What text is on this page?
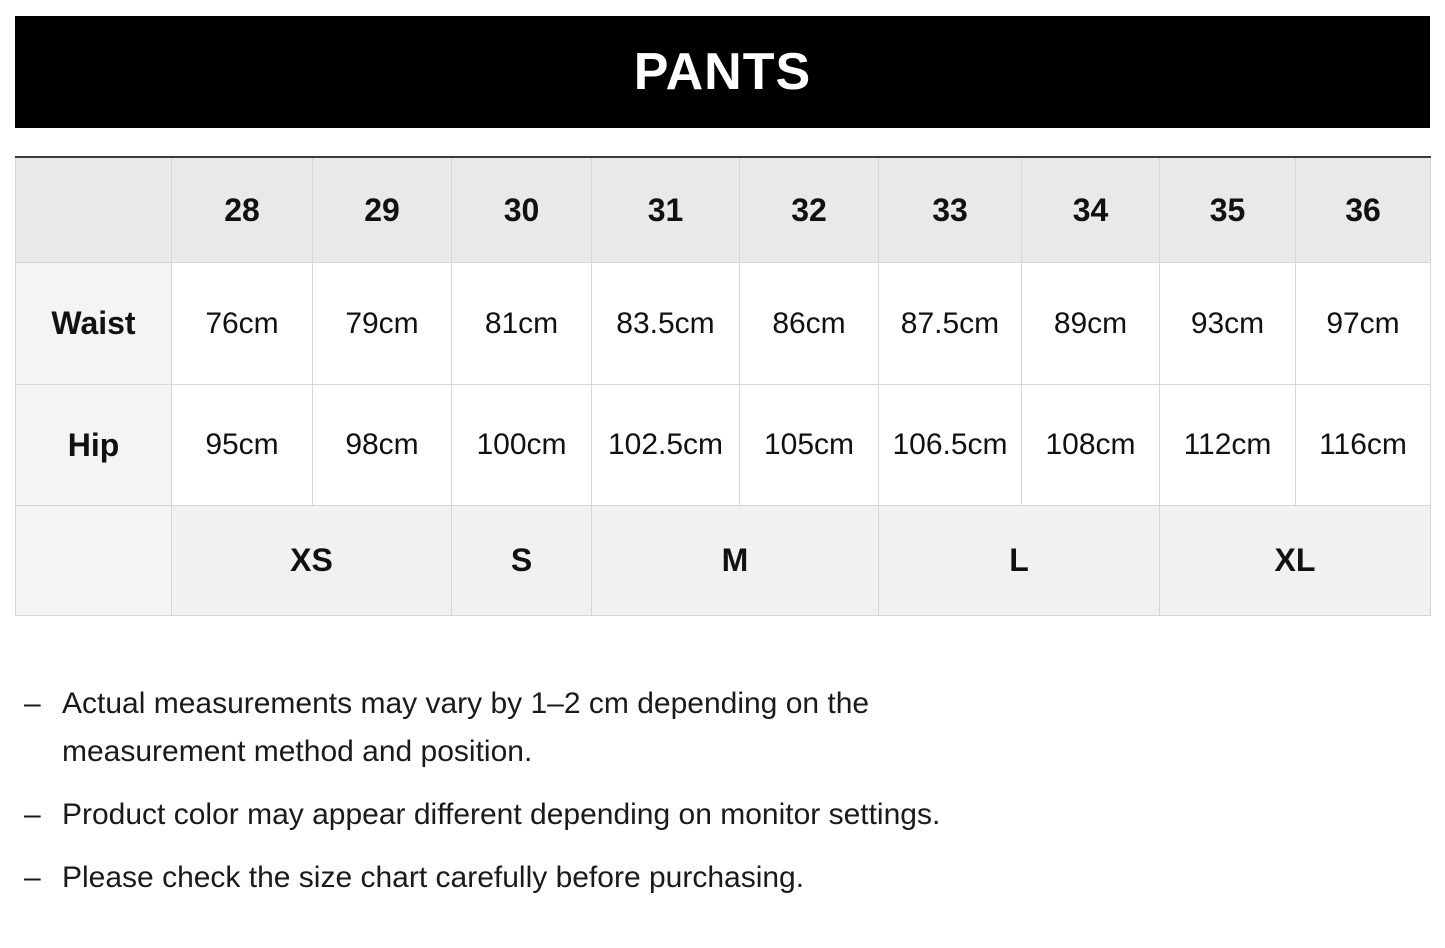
PANTS
	28	29	30	31	32	33	34	35	36
Waist	76cm	79cm	81cm	83.5cm	86cm	87.5cm	89cm	93cm	97cm
Hip	95cm	98cm	100cm	102.5cm	105cm	106.5cm	108cm	112cm	116cm
	XS		S	M		L		XL	
– Actual measurements may vary by 1–2 cm depending on the measurement method and position.
– Product color may appear different depending on monitor settings.
– Please check the size chart carefully before purchasing.
